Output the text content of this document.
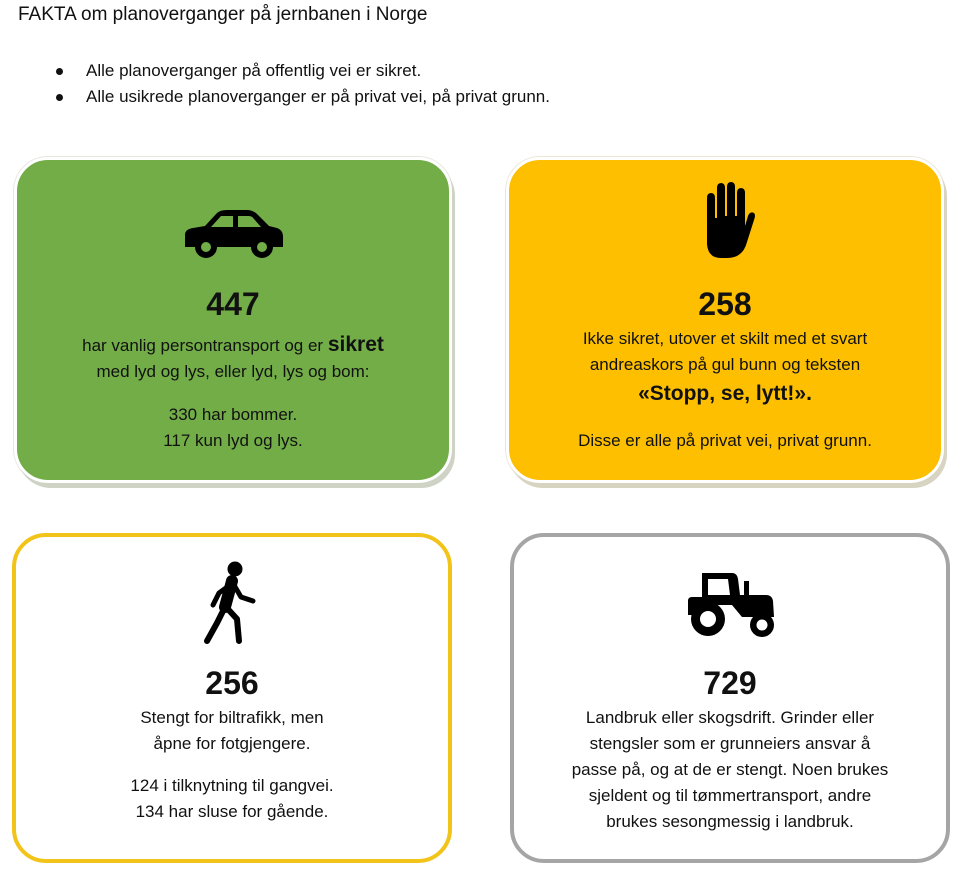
FAKTA om planoverganger på jernbanen i Norge
Alle planoverganger på offentlig vei er sikret.
Alle usikrede planoverganger er på privat vei, på privat grunn.
447

har vanlig persontransport og er sikret

med lyd og lys, eller lyd, lys og bom:

330 har bommer.

117 kun lyd og lys.

258

Ikke sikret, utover et skilt med et svart

andreaskors på gul bunn og teksten

«Stopp, se, lytt!».

Disse er alle på privat vei, privat grunn.

256

Stengt for biltrafikk, men

åpne for fotgjengere.

124 i tilknytning til gangvei.

134 har sluse for gående.

729

Landbruk eller skogsdrift. Grinder eller

stengsler som er grunneiers ansvar å

passe på, og at de er stengt. Noen brukes

sjeldent og til tømmertransport, andre

brukes sesongmessig i landbruk.
